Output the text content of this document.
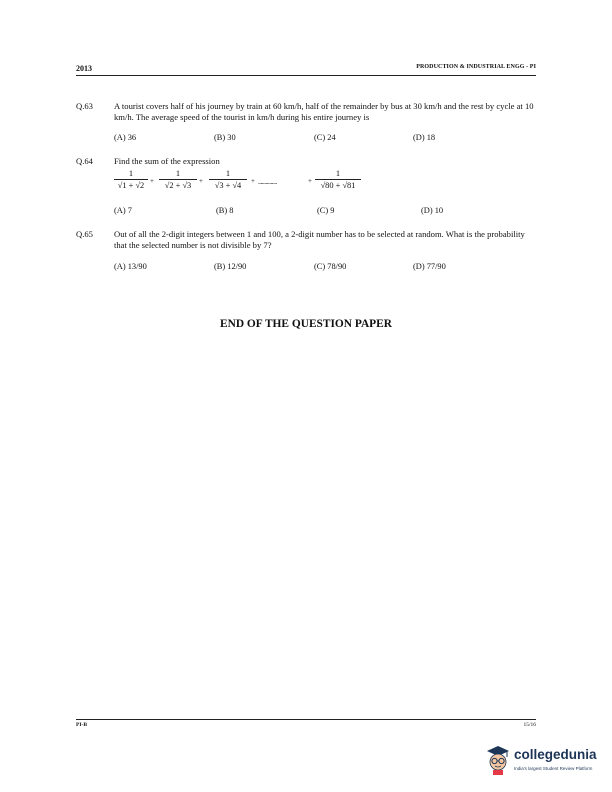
2013	PRODUCTION & INDUSTRIAL ENGG - PI
Q.63	A tourist covers half of his journey by train at 60 km/h, half of the remainder by bus at 30 km/h and the rest by cycle at 10 km/h. The average speed of the tourist in km/h during his entire journey is
(A) 36	(B) 30	(C) 24	(D) 18
Q.64	Find the sum of the expression
$\frac{1}{√1 + √2} + \frac{1}{√2 + √3} + \frac{1}{√3 + √4}$ + ...............	+ $\frac{1}{√80 + √81}$
(A) 7	(B) 8	(C) 9	(D) 10
Q.65	Out of all the 2-digit integers between 1 and 100, a 2-digit number has to be selected at random. What is the probability that the selected number is not divisible by 7?
(A) 13/90	(B) 12/90	(C) 78/90	(D) 77/90
END OF THE QUESTION PAPER
PI-B	15/16
collegedunia
India's largest Student Review Platform
